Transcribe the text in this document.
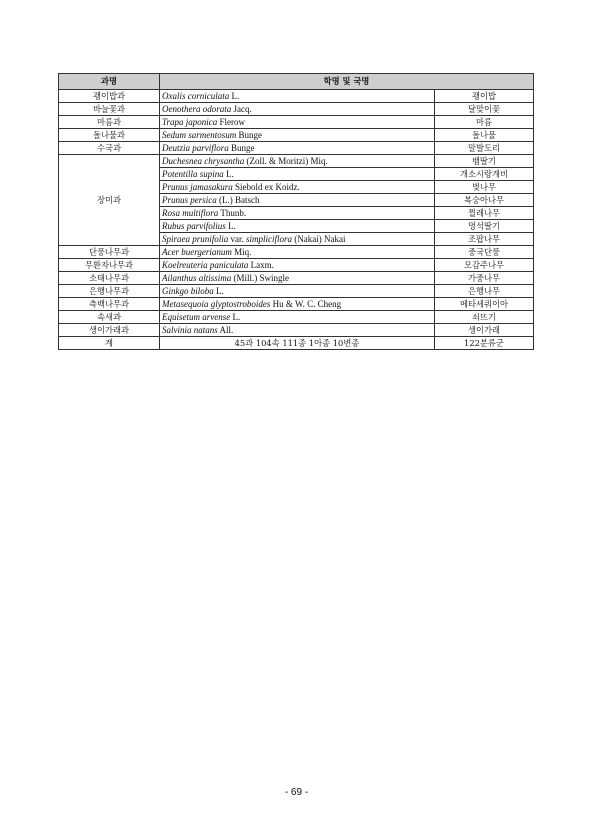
과명	학명 및 국명	
괭이밥과	Oxalis corniculata L.	괭이밥
바늘꽃과	Oenothera odorata Jacq.	달맞이꽃
마름과	Trapa japonica Flerow	마름
돌나물과	Sedum sarmentosum Bunge	돌나물
수국과	Deutzia parviflora Bunge	말발도리
장미과	Duchesnea chrysantha (Zoll. & Moritzi) Miq.	뱀딸기
	Potentilla supina L.	개소시랑개비
	Prunus jamasakura Siebold ex Koidz.	벚나무
	Prunus persica (L.) Batsch	복숭아나무
	Rosa multiflora Thunb.	찔레나무
	Rubus parvifolius L.	멍석딸기
	Spiraea prunifolia var. simpliciflora (Nakai) Nakai	조팝나무
단풍나무과	Acer buergerianum Miq.	중국단풍
무환자나무과	Koelreuteria paniculata Laxm.	모감주나무
소태나무과	Ailanthus altissima (Mill.) Swingle	가중나무
은행나무과	Ginkgo biloba L.	은행나무
측백나무과	Metasequoia glyptostroboides Hu & W. C. Cheng	메타세쿼이아
속새과	Equisetum arvense L.	쇠뜨기
생이가래과	Salvinia natans All.	생이가래
계	45과 104속 111종 1아종 10변종	122분류군
- 69 -
